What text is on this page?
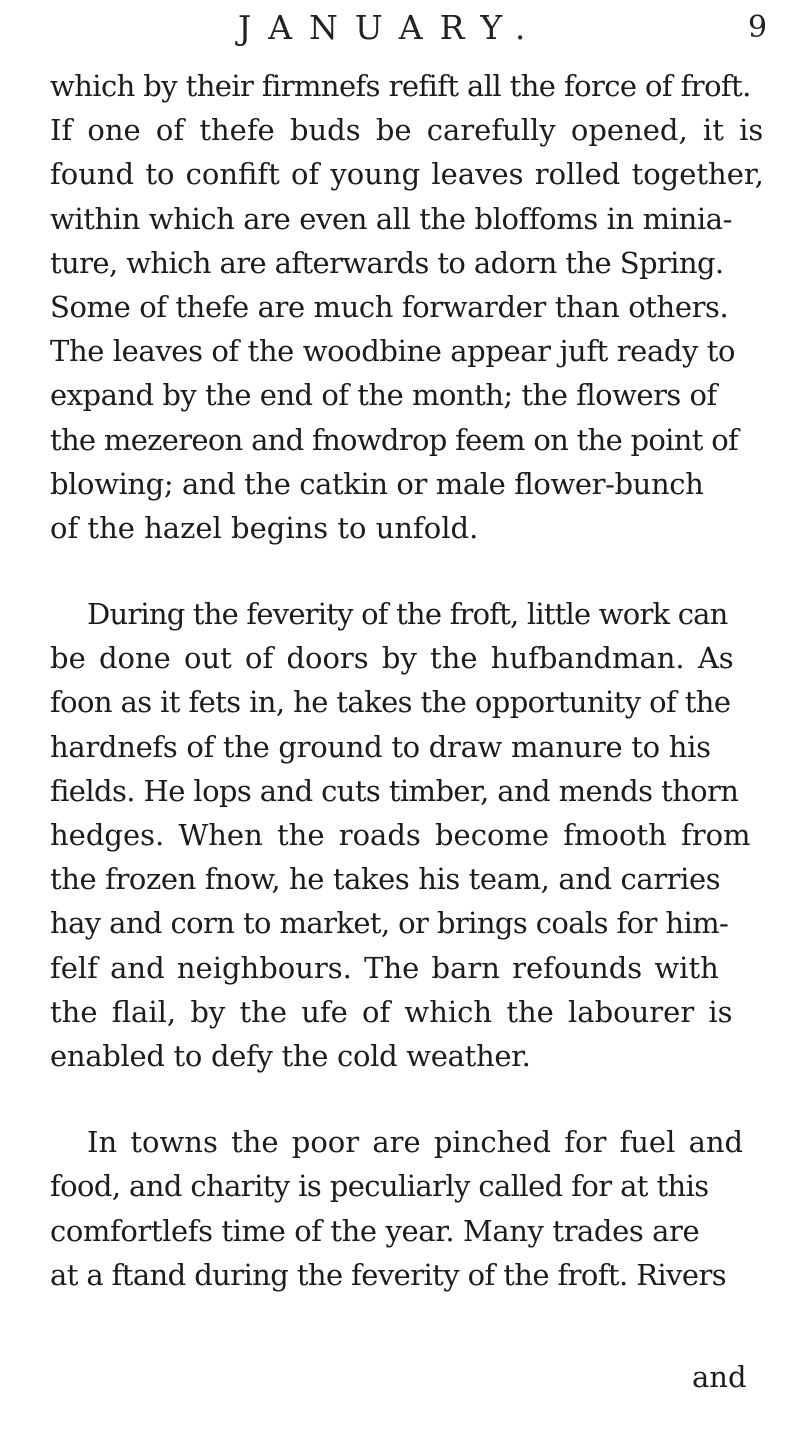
JANUARY.	9
which by their firmnefs refift all the force of froft.
If one of thefe buds be carefully opened, it is
found to confift of young leaves rolled together,
within which are even all the bloffoms in minia-
ture, which are afterwards to adorn the Spring.
Some of thefe are much forwarder than others.
The leaves of the woodbine appear juft ready to
expand by the end of the month; the flowers of
the mezereon and fnowdrop feem on the point of
blowing; and the catkin or male flower-bunch
of the hazel begins to unfold.
During the feverity of the froft, little work can
be done out of doors by the hufbandman. As
foon as it fets in, he takes the opportunity of the
hardnefs of the ground to draw manure to his
fields. He lops and cuts timber, and mends thorn
hedges. When the roads become fmooth from
the frozen fnow, he takes his team, and carries
hay and corn to market, or brings coals for him-
felf and neighbours. The barn refounds with
the flail, by the ufe of which the labourer is
enabled to defy the cold weather.
In towns the poor are pinched for fuel and
food, and charity is peculiarly called for at this
comfortlefs time of the year. Many trades are
at a ftand during the feverity of the froft. Rivers
and
